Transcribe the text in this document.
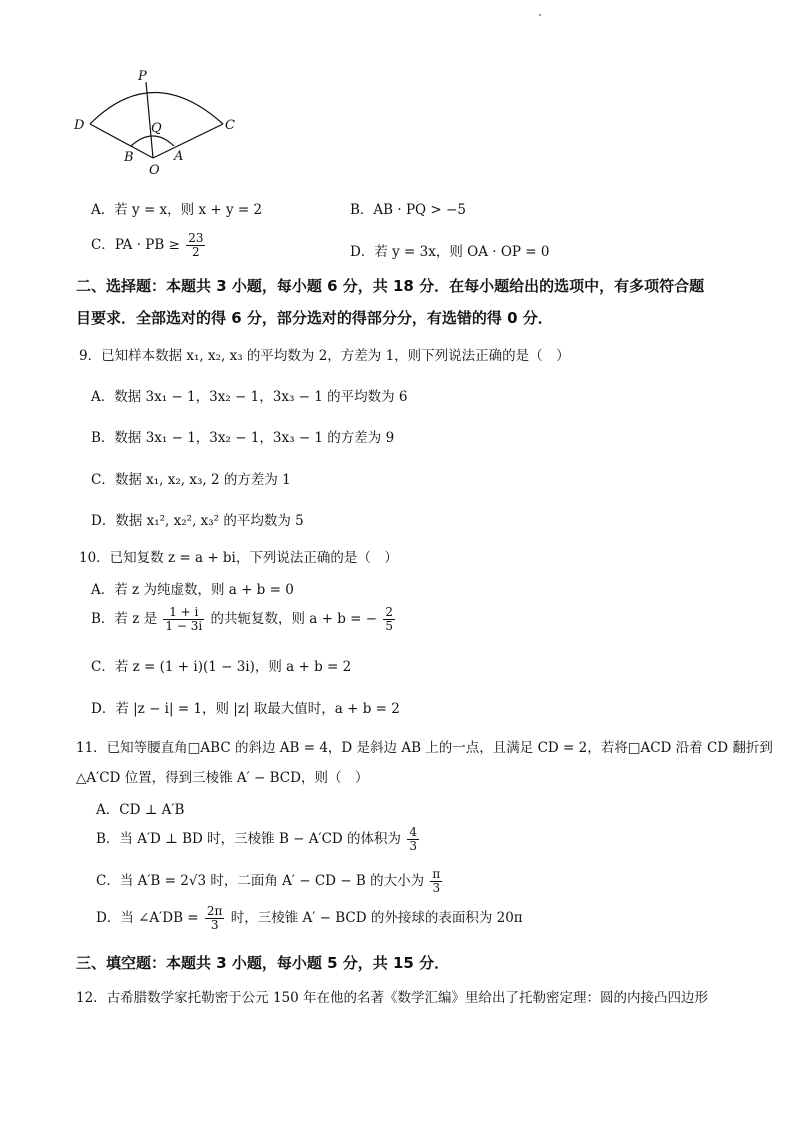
P
D	C
Q
B	A
O
A．若 y = x，则 x + y = 2	B．AB · PQ > −5
C．PA · PB ≥ $\frac{23}{2}$	D．若 y = 3x，则 OA · OP = 0
二、选择题：本题共 3 小题，每小题 6 分，共 18 分．在每小题给出的选项中，有多项符合题
目要求．全部选对的得 6 分，部分选对的得部分分，有选错的得 0 分．
9．已知样本数据 x₁, x₂, x₃ 的平均数为 2，方差为 1，则下列说法正确的是（　）
A．数据 3x₁ − 1，3x₂ − 1，3x₃ − 1 的平均数为 6
B．数据 3x₁ − 1，3x₂ − 1，3x₃ − 1 的方差为 9
C．数据 x₁, x₂, x₃, 2 的方差为 1
D．数据 x₁², x₂², x₃² 的平均数为 5
10．已知复数 z = a + bi，下列说法正确的是（　）
A．若 z 为纯虚数，则 a + b = 0
B．若 z 是 $\frac{1 + i}{1 - 3i}$ 的共轭复数，则 a + b = − $\frac{2}{5}$
C．若 z = (1 + i)(1 − 3i)，则 a + b = 2
D．若 |z − i| = 1，则 |z| 取最大值时，a + b = 2
11．已知等腰直角□ABC 的斜边 AB = 4，D 是斜边 AB 上的一点，且满足 CD = 2，若将□ACD 沿着 CD 翻折到
△A′CD 位置，得到三棱锥 A′ − BCD，则（　）
A．CD ⊥ A′B
B．当 A′D ⊥ BD 时，三棱锥 B − A′CD 的体积为 $\frac{4}{3}$
C．当 A′B = 2√3 时，二面角 A′ − CD − B 的大小为 $\frac{\pi}{3}$
D．当 ∠A′DB = $\frac{2\pi}{3}$ 时，三棱锥 A′ − BCD 的外接球的表面积为 20π
三、填空题：本题共 3 小题，每小题 5 分，共 15 分．
12．古希腊数学家托勒密于公元 150 年在他的名著《数学汇编》里给出了托勒密定理：圆的内接凸四边形
